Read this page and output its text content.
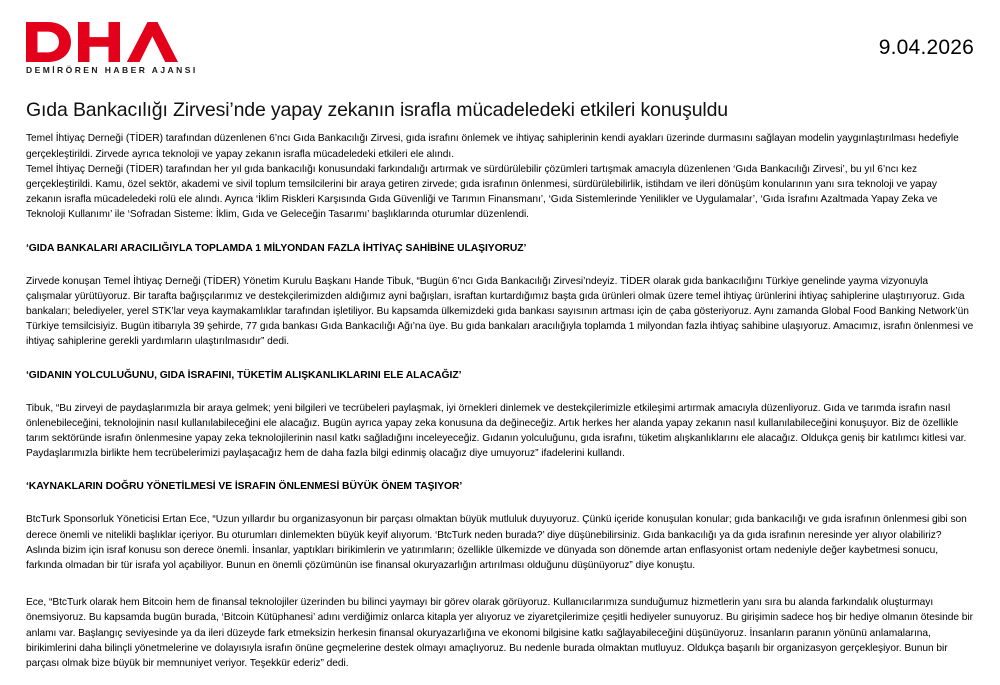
DEMİRÖREN HABER AJANSI
9.04.2026
Gıda Bankacılığı Zirvesi’nde yapay zekanın israfla mücadeledeki etkileri konuşuldu

Temel İhtiyaç Derneği (TİDER) tarafından düzenlenen 6’ncı Gıda Bankacılığı Zirvesi, gıda israfını önlemek ve ihtiyaç sahiplerinin kendi ayakları üzerinde durmasını sağlayan modelin yaygınlaştırılması hedefiyle gerçekleştirildi. Zirvede ayrıca teknoloji ve yapay zekanın israfla mücadeledeki etkileri ele alındı.

Temel İhtiyaç Derneği (TİDER) tarafından her yıl gıda bankacılığı konusundaki farkındalığı artırmak ve sürdürülebilir çözümleri tartışmak amacıyla düzenlenen ‘Gıda Bankacılığı Zirvesi’, bu yıl 6’ncı kez gerçekleştirildi. Kamu, özel sektör, akademi ve sivil toplum temsilcilerini bir araya getiren zirvede; gıda israfının önlenmesi, sürdürülebilirlik, istihdam ve ileri dönüşüm konularının yanı sıra teknoloji ve yapay zekanın israfla mücadeledeki rolü ele alındı. Ayrıca ‘İklim Riskleri Karşısında Gıda Güvenliği ve Tarımın Finansmanı’, ‘Gıda Sistemlerinde Yenilikler ve Uygulamalar’, ‘Gıda İsrafını Azaltmada Yapay Zeka ve Teknoloji Kullanımı’ ile ‘Sofradan Sisteme: İklim, Gıda ve Geleceğin Tasarımı’ başlıklarında oturumlar düzenlendi.

‘GIDA BANKALARI ARACILIĞIYLA TOPLAMDA 1 MİLYONDAN FAZLA İHTİYAÇ SAHİBİNE ULAŞIYORUZ’

Zirvede konuşan Temel İhtiyaç Derneği (TİDER) Yönetim Kurulu Başkanı Hande Tibuk, “Bugün 6’ncı Gıda Bankacılığı Zirvesi’ndeyiz. TİDER olarak gıda bankacılığını Türkiye genelinde yayma vizyonuyla çalışmalar yürütüyoruz. Bir tarafta bağışçılarımız ve destekçilerimizden aldığımız ayni bağışları, israftan kurtardığımız başta gıda ürünleri olmak üzere temel ihtiyaç ürünlerini ihtiyaç sahiplerine ulaştırıyoruz. Gıda bankaları; belediyeler, yerel STK’lar veya kaymakamlıklar tarafından işletiliyor. Bu kapsamda ülkemizdeki gıda bankası sayısının artması için de çaba gösteriyoruz. Aynı zamanda Global Food Banking Network’ün Türkiye temsilcisiyiz. Bugün itibarıyla 39 şehirde, 77 gıda bankası Gıda Bankacılığı Ağı’na üye. Bu gıda bankaları aracılığıyla toplamda 1 milyondan fazla ihtiyaç sahibine ulaşıyoruz. Amacımız, israfın önlenmesi ve ihtiyaç sahiplerine gerekli yardımların ulaştırılmasıdır” dedi.

‘GIDANIN YOLCULUĞUNU, GIDA İSRAFINI, TÜKETİM ALIŞKANLIKLARINI ELE ALACAĞIZ’

Tibuk, “Bu zirveyi de paydaşlarımızla bir araya gelmek; yeni bilgileri ve tecrübeleri paylaşmak, iyi örnekleri dinlemek ve destekçilerimizle etkileşimi artırmak amacıyla düzenliyoruz. Gıda ve tarımda israfın nasıl önlenebileceğini, teknolojinin nasıl kullanılabileceğini ele alacağız. Bugün ayrıca yapay zeka konusuna da değineceğiz. Artık herkes her alanda yapay zekanın nasıl kullanılabileceğini konuşuyor. Biz de özellikle tarım sektöründe israfın önlenmesine yapay zeka teknolojilerinin nasıl katkı sağladığını inceleyeceğiz. Gıdanın yolculuğunu, gıda israfını, tüketim alışkanlıklarını ele alacağız. Oldukça geniş bir katılımcı kitlesi var. Paydaşlarımızla birlikte hem tecrübelerimizi paylaşacağız hem de daha fazla bilgi edinmiş olacağız diye umuyoruz” ifadelerini kullandı.

‘KAYNAKLARIN DOĞRU YÖNETİLMESİ VE İSRAFIN ÖNLENMESİ BÜYÜK ÖNEM TAŞIYOR’

BtcTurk Sponsorluk Yöneticisi Ertan Ece, “Uzun yıllardır bu organizasyonun bir parçası olmaktan büyük mutluluk duyuyoruz. Çünkü içeride konuşulan konular; gıda bankacılığı ve gıda israfının önlenmesi gibi son derece önemli ve nitelikli başlıklar içeriyor. Bu oturumları dinlemekten büyük keyif alıyorum. ‘BtcTurk neden burada?’ diye düşünebilirsiniz. Gıda bankacılığı ya da gıda israfının neresinde yer alıyor olabiliriz? Aslında bizim için israf konusu son derece önemli. İnsanlar, yaptıkları birikimlerin ve yatırımların; özellikle ülkemizde ve dünyada son dönemde artan enflasyonist ortam nedeniyle değer kaybetmesi sonucu, farkında olmadan bir tür israfa yol açabiliyor. Bunun en önemli çözümünün ise finansal okuryazarlığın artırılması olduğunu düşünüyoruz” diye konuştu.

Ece, “BtcTurk olarak hem Bitcoin hem de finansal teknolojiler üzerinden bu bilinci yaymayı bir görev olarak görüyoruz. Kullanıcılarımıza sunduğumuz hizmetlerin yanı sıra bu alanda farkındalık oluşturmayı önemsiyoruz. Bu kapsamda bugün burada, ‘Bitcoin Kütüphanesi’ adını verdiğimiz onlarca kitapla yer alıyoruz ve ziyaretçilerimize çeşitli hediyeler sunuyoruz. Bu girişimin sadece hoş bir hediye olmanın ötesinde bir anlamı var. Başlangıç seviyesinde ya da ileri düzeyde fark etmeksizin herkesin finansal okuryazarlığına ve ekonomi bilgisine katkı sağlayabileceğini düşünüyoruz. İnsanların paranın yönünü anlamalarına, birikimlerini daha bilinçli yönetmelerine ve dolayısıyla israfın önüne geçmelerine destek olmayı amaçlıyoruz. Bu nedenle burada olmaktan mutluyuz. Oldukça başarılı bir organizasyon gerçekleşiyor. Bunun bir parçası olmak bize büyük bir memnuniyet veriyor. Teşekkür ederiz” dedi.
